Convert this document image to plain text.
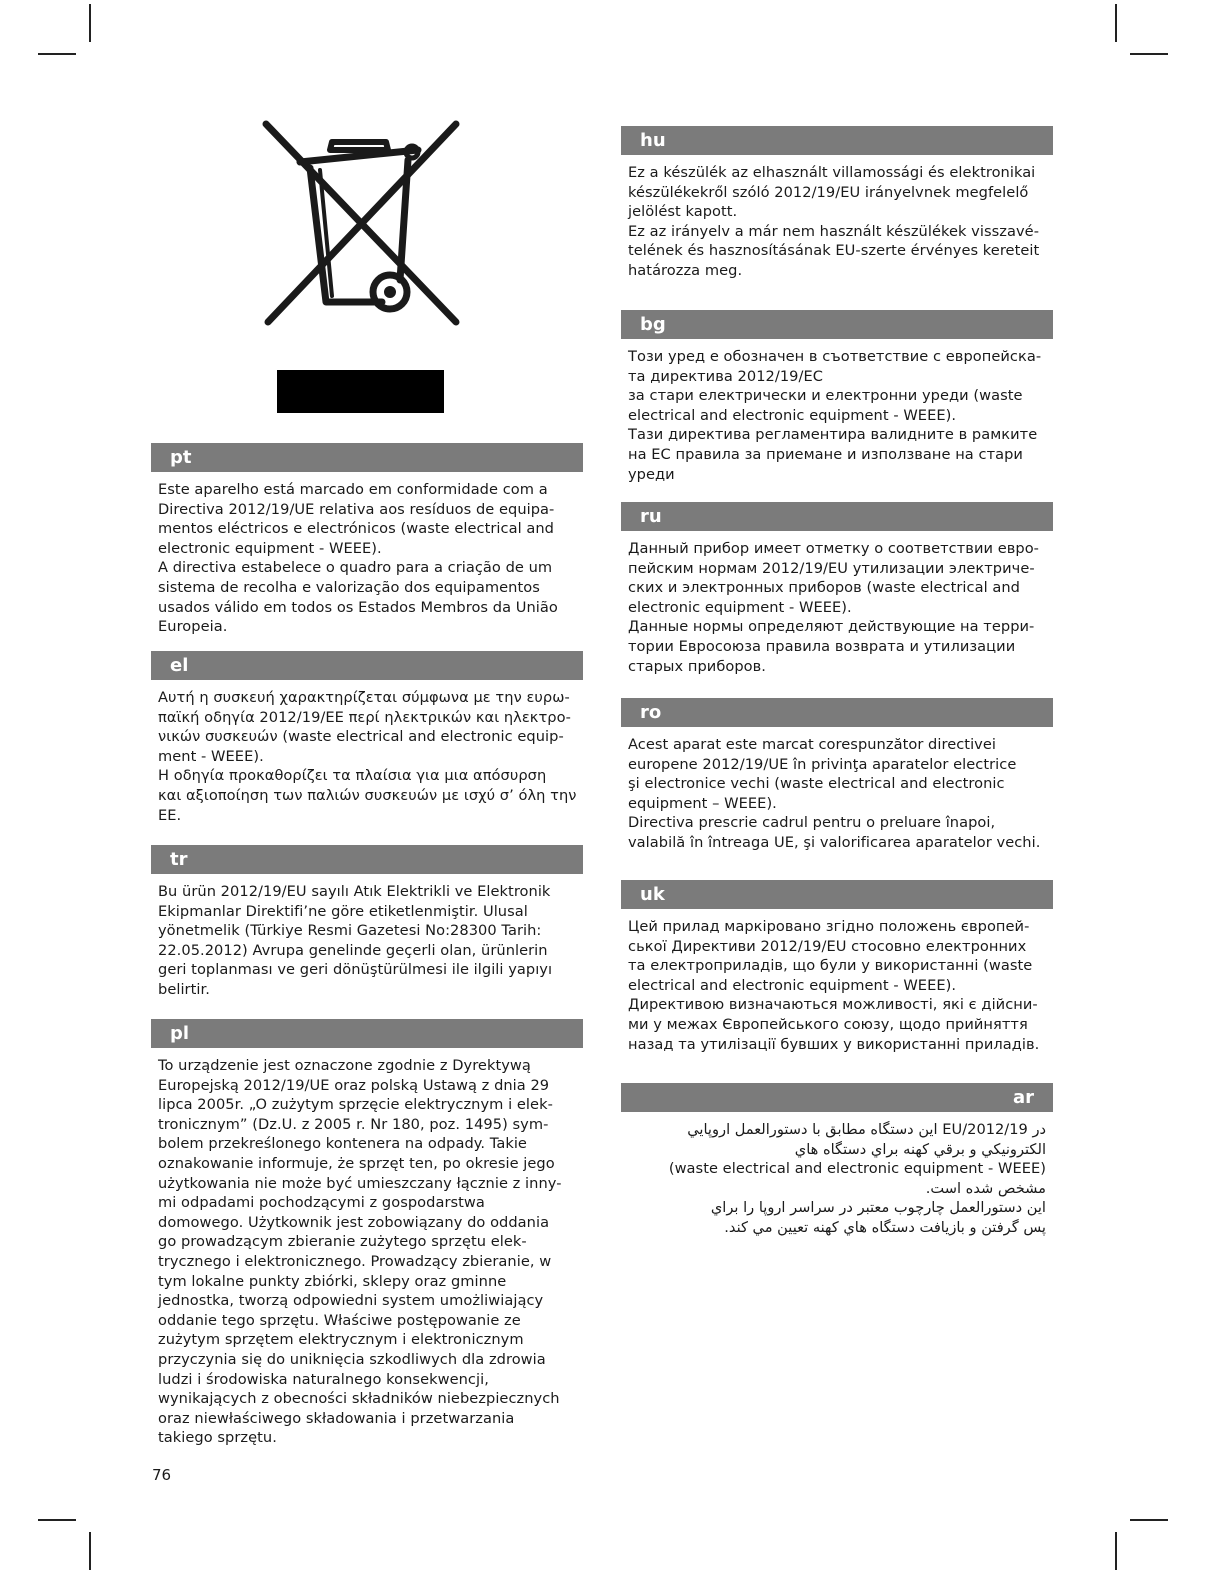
pt
Este aparelho está marcado em conformidade com a
Directiva 2012/19/UE relativa aos resíduos de equipa-
mentos eléctricos e electrónicos (waste electrical and
electronic equipment - WEEE).
A directiva estabelece o quadro para a criação de um
sistema de recolha e valorização dos equipamentos
usados válido em todos os Estados Membros da União
Europeia.
el
Αυτή η συσκευή χαρακτηρίζεται σύμφωνα με την ευρω-
παϊκή οδηγία 2012/19/ΕΕ περί ηλεκτρικών και ηλεκτρο-
νικών συσκευών (waste electrical and electronic equip-
ment - WEEE).
Η οδηγία προκαθορίζει τα πλαίσια για μια απόσυρση
και αξιοποίηση των παλιών συσκευών με ισχύ σ’ όλη την
ΕΕ.
tr
Bu ürün 2012/19/EU sayılı Atık Elektrikli ve Elektronik
Ekipmanlar Direktifi’ne göre etiketlenmiştir. Ulusal
yönetmelik (Türkiye Resmi Gazetesi No:28300 Tarih:
22.05.2012) Avrupa genelinde geçerli olan, ürünlerin
geri toplanması ve geri dönüştürülmesi ile ilgili yapıyı
belirtir.
pl
To urządzenie jest oznaczone zgodnie z Dyrektywą
Europejską 2012/19/UE oraz polską Ustawą z dnia 29
lipca 2005r. „O zużytym sprzęcie elektrycznym i elek-
tronicznym” (Dz.U. z 2005 r. Nr 180, poz. 1495) sym-
bolem przekreślonego kontenera na odpady. Takie
oznakowanie informuje, że sprzęt ten, po okresie jego
użytkowania nie może być umieszczany łącznie z inny-
mi odpadami pochodzącymi z gospodarstwa
domowego. Użytkownik jest zobowiązany do oddania
go prowadzącym zbieranie zużytego sprzętu elek-
trycznego i elektronicznego. Prowadzący zbieranie, w
tym lokalne punkty zbiórki, sklepy oraz gminne
jednostka, tworzą odpowiedni system umożliwiający
oddanie tego sprzętu. Właściwe postępowanie ze
zużytym sprzętem elektrycznym i elektronicznym
przyczynia się do uniknięcia szkodliwych dla zdrowia
ludzi i środowiska naturalnego konsekwencji,
wynikających z obecności składników niebezpiecznych
oraz niewłaściwego składowania i przetwarzania
takiego sprzętu.
76
hu
Ez a készülék az elhasznált villamossági és elektronikai
készülékekről szóló 2012/19/EU irányelvnek megfelelő
jelölést kapott.
Ez az irányelv a már nem használt készülékek visszavé-
telének és hasznosításának EU-szerte érvényes kereteit
határozza meg.
bg
Този уред е обозначен в съответствие с европейска-
та директива 2012/19/ЕС
за стари електрически и електронни уреди (waste
electrical and electronic equipment - WEEE).
Тази директива регламентира валидните в рамките
на ЕС правила за приемане и използване на стари
уреди
ru
Данный прибор имеет отметку о соответствии евро-
пейским нормам 2012/19/EU утилизации электриче-
ских и электронных приборов (waste electrical and
electronic equipment - WEEE).
Данные нормы определяют действующие на терри-
тории Евросоюза правила возврата и утилизации
старых приборов.
ro
Acest aparat este marcat corespunzător directivei
europene 2012/19/UE în privinţa aparatelor electrice
şi electronice vechi (waste electrical and electronic
equipment – WEEE).
Directiva prescrie cadrul pentru o preluare înapoi,
valabilă în întreaga UE, şi valorificarea aparatelor vechi.
uk
Цей прилад маркіровано згідно положень європей-
ської Директиви 2012/19/EU стосовно електронних
та електроприладів, що були у використанні (waste
electrical and electronic equipment - WEEE).
Директивою визначаються можливості, які є дійсни-
ми у межах Європейського союзу, щодо прийняття
назад та утилізації бувших у використанні приладів.
ar
در 2012/19/EU اين دستگاه مطابق با دستورالعمل اروپايي
الکترونيکي و برقي کهنه براي دستگاه هاي
(waste electrical and electronic equipment - WEEE)
مشخص شده است.
اين دستورالعمل چارچوب معتبر در سراسر اروپا را براي
پس گرفتن و بازيافت دستگاه هاي کهنه تعيين مي کند.
